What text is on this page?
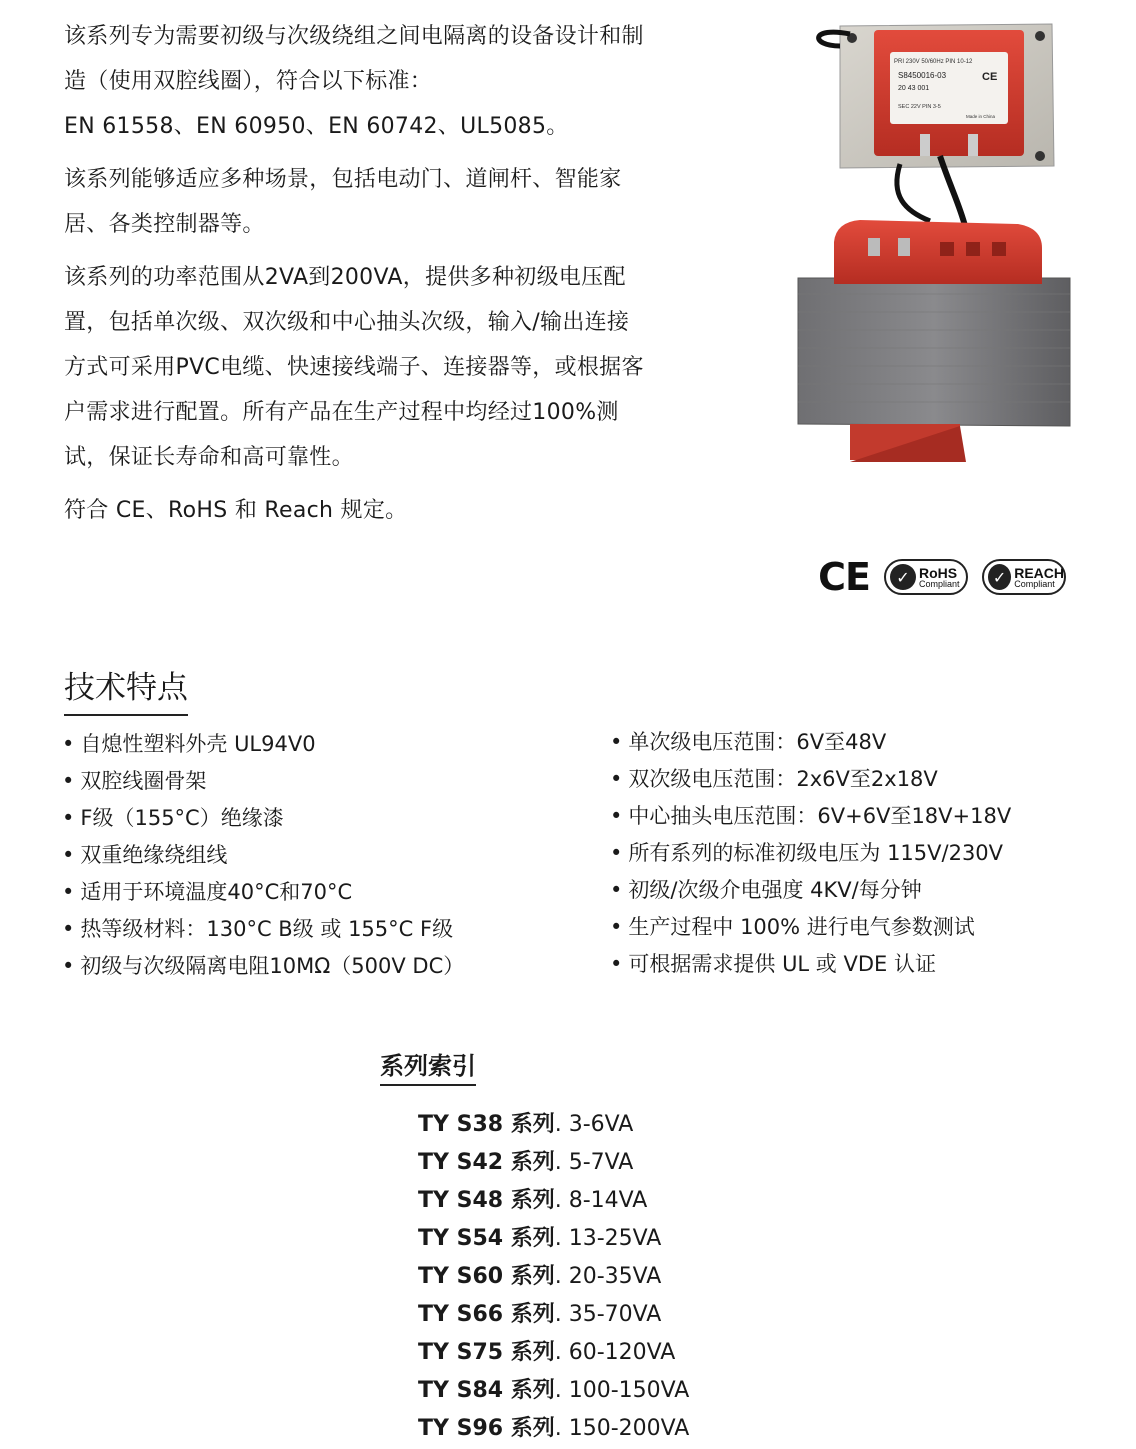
该系列专为需要初级与次级绕组之间电隔离的设备设计和制
造（使用双腔线圈），符合以下标准：
EN 61558、EN 60950、EN 60742、UL5085。

该系列能够适应多种场景，包括电动门、道闸杆、智能家
居、各类控制器等。

该系列的功率范围从2VA到200VA，提供多种初级电压配
置，包括单次级、双次级和中心抽头次级，输入/输出连接
方式可采用PVC电缆、快速接线端子、连接器等，或根据客
户需求进行配置。所有产品在生产过程中均经过100%测
试，保证长寿命和高可靠性。

符合 CE、RoHS 和 Reach 规定。

PRI 230V 50/60Hz PIN 10-12
S8450016-03
20 43 001
SEC 22V PIN 3-5
Made in China
CE
CE	✓ RoHS
Compliant	✓ REACH
Compliant
技术特点
• 自熄性塑料外壳 UL94V0
• 双腔线圈骨架
• F级（155°C）绝缘漆
• 双重绝缘绕组线
• 适用于环境温度40°C和70°C
• 热等级材料：130°C B级 或 155°C F级
• 初级与次级隔离电阻10MΩ（500V DC）
• 单次级电压范围：6V至48V
• 双次级电压范围：2x6V至2x18V
• 中心抽头电压范围：6V+6V至18V+18V
• 所有系列的标准初级电压为 115V/230V
• 初级/次级介电强度 4KV/每分钟
• 生产过程中 100% 进行电气参数测试
• 可根据需求提供 UL 或 VDE 认证
系列索引
TY S38 系列. 3-6VA
TY S42 系列. 5-7VA
TY S48 系列. 8-14VA
TY S54 系列. 13-25VA
TY S60 系列. 20-35VA
TY S66 系列. 35-70VA
TY S75 系列. 60-120VA
TY S84 系列. 100-150VA
TY S96 系列. 150-200VA
